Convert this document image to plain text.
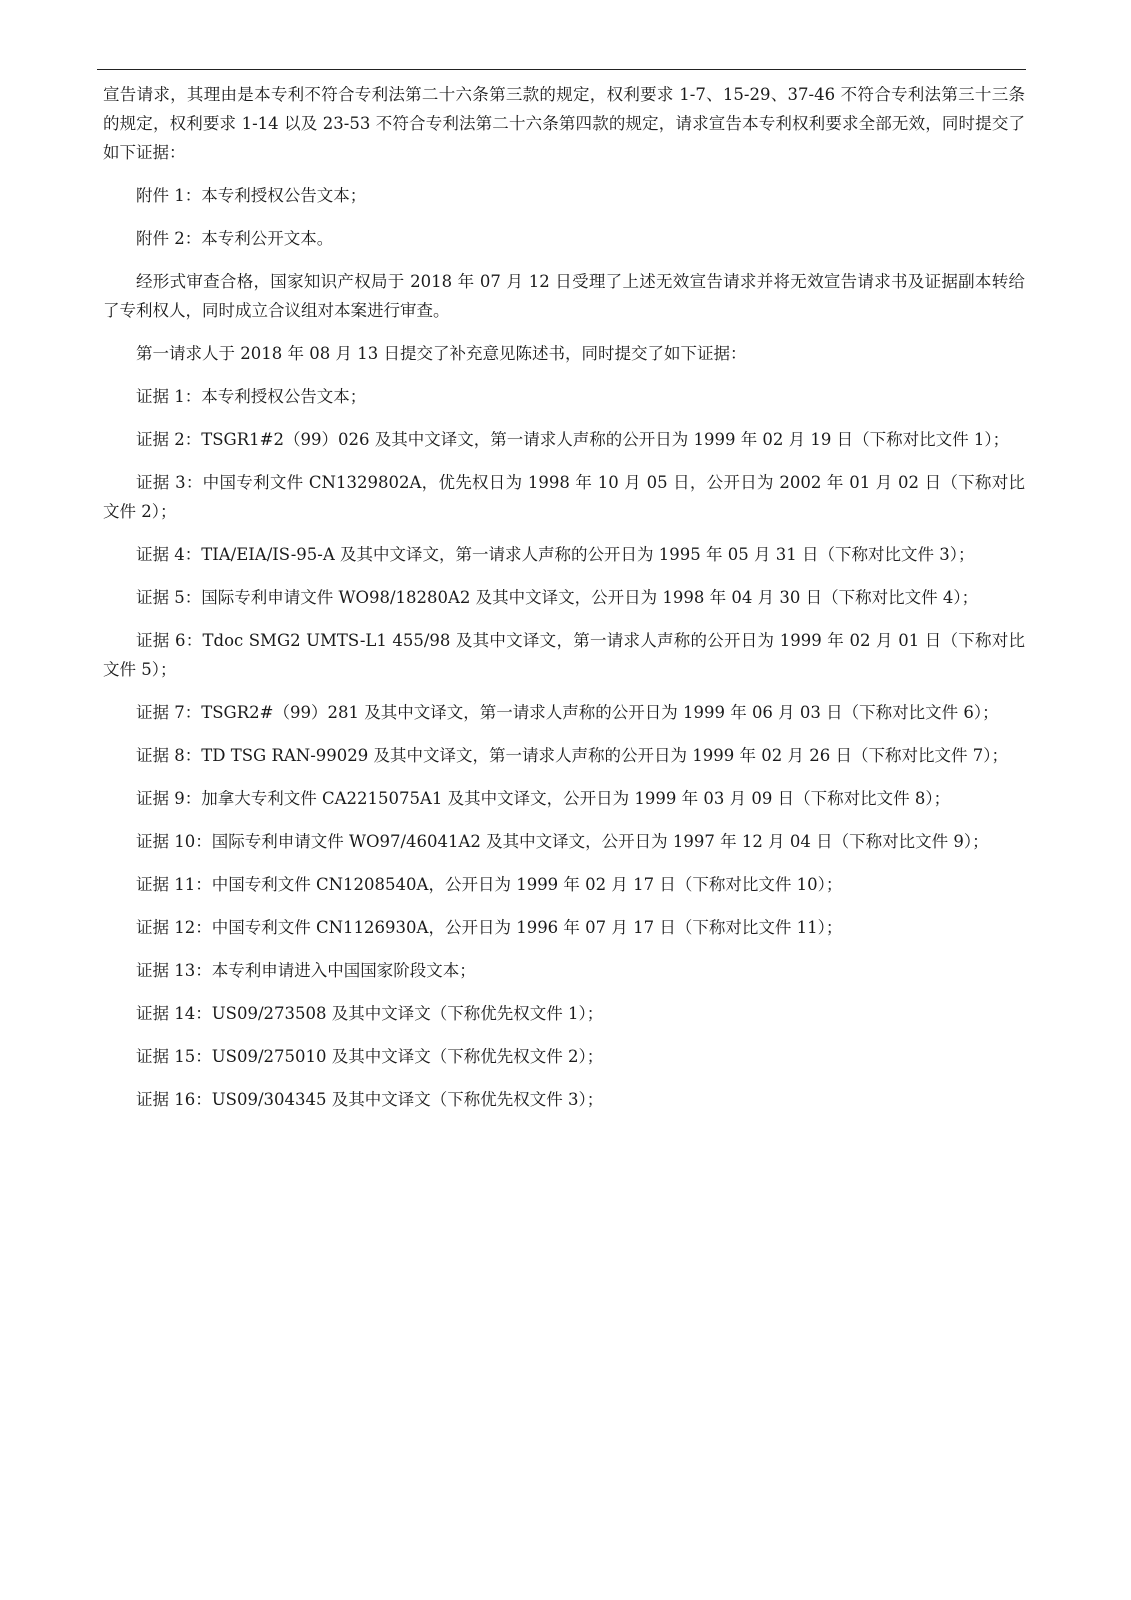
宣告请求，其理由是本专利不符合专利法第二十六条第三款的规定，权利要求 1-7、15-29、37-46 不符合专利法第三十三条的规定，权利要求 1-14 以及 23-53 不符合专利法第二十六条第四款的规定，请求宣告本专利权利要求全部无效，同时提交了如下证据：

附件 1：本专利授权公告文本；

附件 2：本专利公开文本。

经形式审查合格，国家知识产权局于 2018 年 07 月 12 日受理了上述无效宣告请求并将无效宣告请求书及证据副本转给了专利权人，同时成立合议组对本案进行审查。

第一请求人于 2018 年 08 月 13 日提交了补充意见陈述书，同时提交了如下证据：

证据 1：本专利授权公告文本；

证据 2：TSGR1#2（99）026 及其中文译文，第一请求人声称的公开日为 1999 年 02 月 19 日（下称对比文件 1）；

证据 3：中国专利文件 CN1329802A，优先权日为 1998 年 10 月 05 日，公开日为 2002 年 01 月 02 日（下称对比文件 2）；

证据 4：TIA/EIA/IS-95-A 及其中文译文，第一请求人声称的公开日为 1995 年 05 月 31 日（下称对比文件 3）；

证据 5：国际专利申请文件 WO98/18280A2 及其中文译文，公开日为 1998 年 04 月 30 日（下称对比文件 4）；

证据 6：Tdoc SMG2 UMTS-L1 455/98 及其中文译文，第一请求人声称的公开日为 1999 年 02 月 01 日（下称对比文件 5）；

证据 7：TSGR2#（99）281 及其中文译文，第一请求人声称的公开日为 1999 年 06 月 03 日（下称对比文件 6）；

证据 8：TD TSG RAN-99029 及其中文译文，第一请求人声称的公开日为 1999 年 02 月 26 日（下称对比文件 7）；

证据 9：加拿大专利文件 CA2215075A1 及其中文译文，公开日为 1999 年 03 月 09 日（下称对比文件 8）；

证据 10：国际专利申请文件 WO97/46041A2 及其中文译文，公开日为 1997 年 12 月 04 日（下称对比文件 9）；

证据 11：中国专利文件 CN1208540A，公开日为 1999 年 02 月 17 日（下称对比文件 10）；

证据 12：中国专利文件 CN1126930A，公开日为 1996 年 07 月 17 日（下称对比文件 11）；

证据 13：本专利申请进入中国国家阶段文本；

证据 14：US09/273508 及其中文译文（下称优先权文件 1）；

证据 15：US09/275010 及其中文译文（下称优先权文件 2）；

证据 16：US09/304345 及其中文译文（下称优先权文件 3）；
